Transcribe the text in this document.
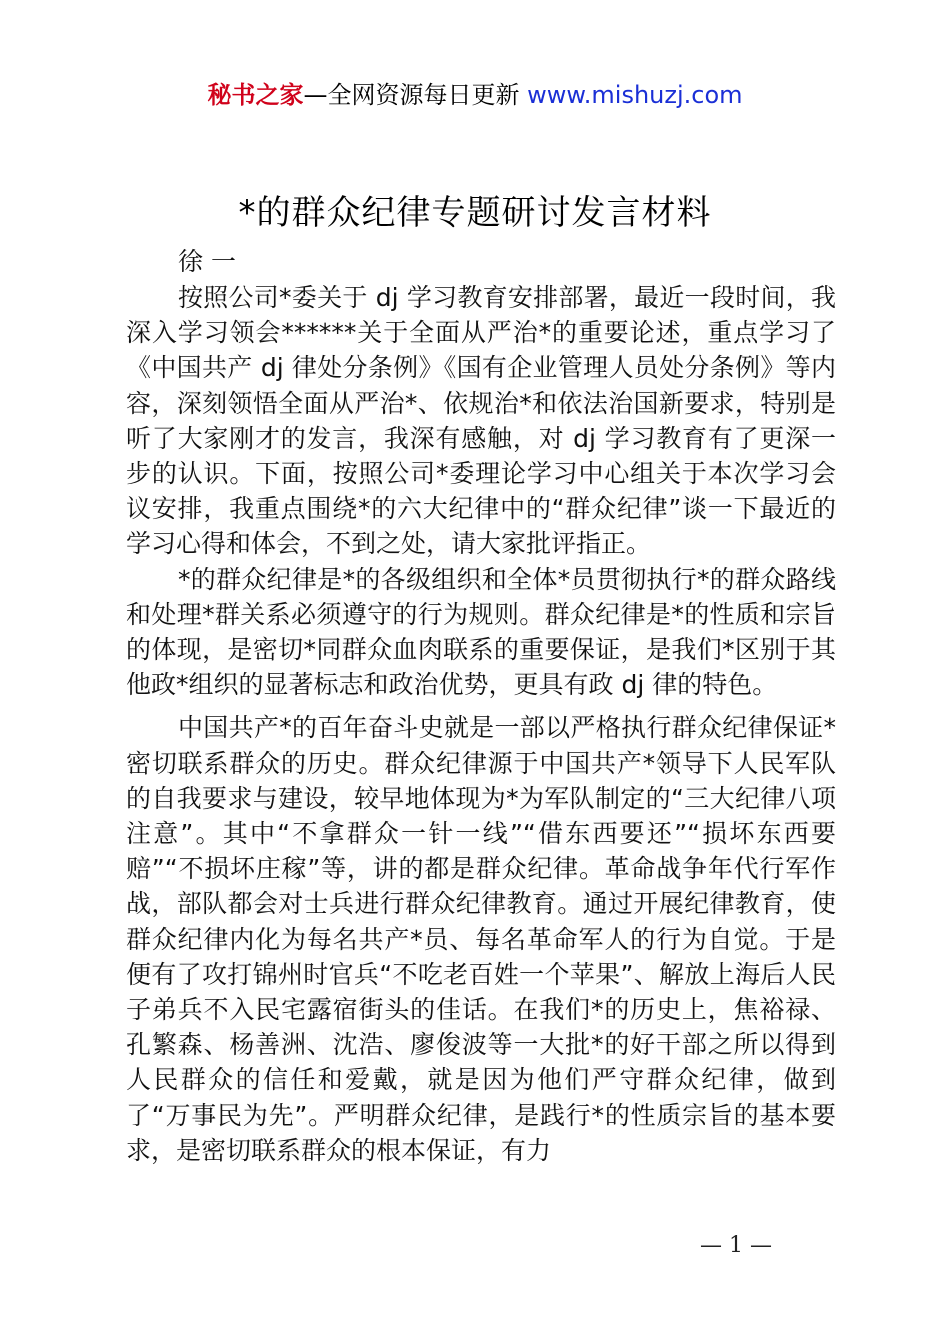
秘书之家—全网资源每日更新 www.mishuzj.com
*的群众纪律专题研讨发言材料
徐 一

按照公司*委关于 dj 学习教育安排部署，最近一段时间，我深入学习领会******关于全面从严治*的重要论述，重点学习了《中国共产 dj 律处分条例》《国有企业管理人员处分条例》等内容，深刻领悟全面从严治*、依规治*和依法治国新要求，特别是听了大家刚才的发言，我深有感触，对 dj 学习教育有了更深一步的认识。下面，按照公司*委理论学习中心组关于本次学习会议安排，我重点围绕*的六大纪律中的“群众纪律”谈一下最近的学习心得和体会，不到之处，请大家批评指正。

*的群众纪律是*的各级组织和全体*员贯彻执行*的群众路线和处理*群关系必须遵守的行为规则。群众纪律是*的性质和宗旨的体现，是密切*同群众血肉联系的重要保证，是我们*区别于其他政*组织的显著标志和政治优势，更具有政 dj 律的特色。

中国共产*的百年奋斗史就是一部以严格执行群众纪律保证*密切联系群众的历史。群众纪律源于中国共产*领导下人民军队的自我要求与建设，较早地体现为*为军队制定的“三大纪律八项注意”。其中“不拿群众一针一线”“借东西要还”“损坏东西要赔”“不损坏庄稼”等，讲的都是群众纪律。革命战争年代行军作战，部队都会对士兵进行群众纪律教育。通过开展纪律教育，使群众纪律内化为每名共产*员、每名革命军人的行为自觉。于是便有了攻打锦州时官兵“不吃老百姓一个苹果”、解放上海后人民子弟兵不入民宅露宿街头的佳话。在我们*的历史上，焦裕禄、孔繁森、杨善洲、沈浩、廖俊波等一大批*的好干部之所以得到人民群众的信任和爱戴，就是因为他们严守群众纪律，做到了“万事民为先”。严明群众纪律，是践行*的性质宗旨的基本要求，是密切联系群众的根本保证，有力

— 1 —
